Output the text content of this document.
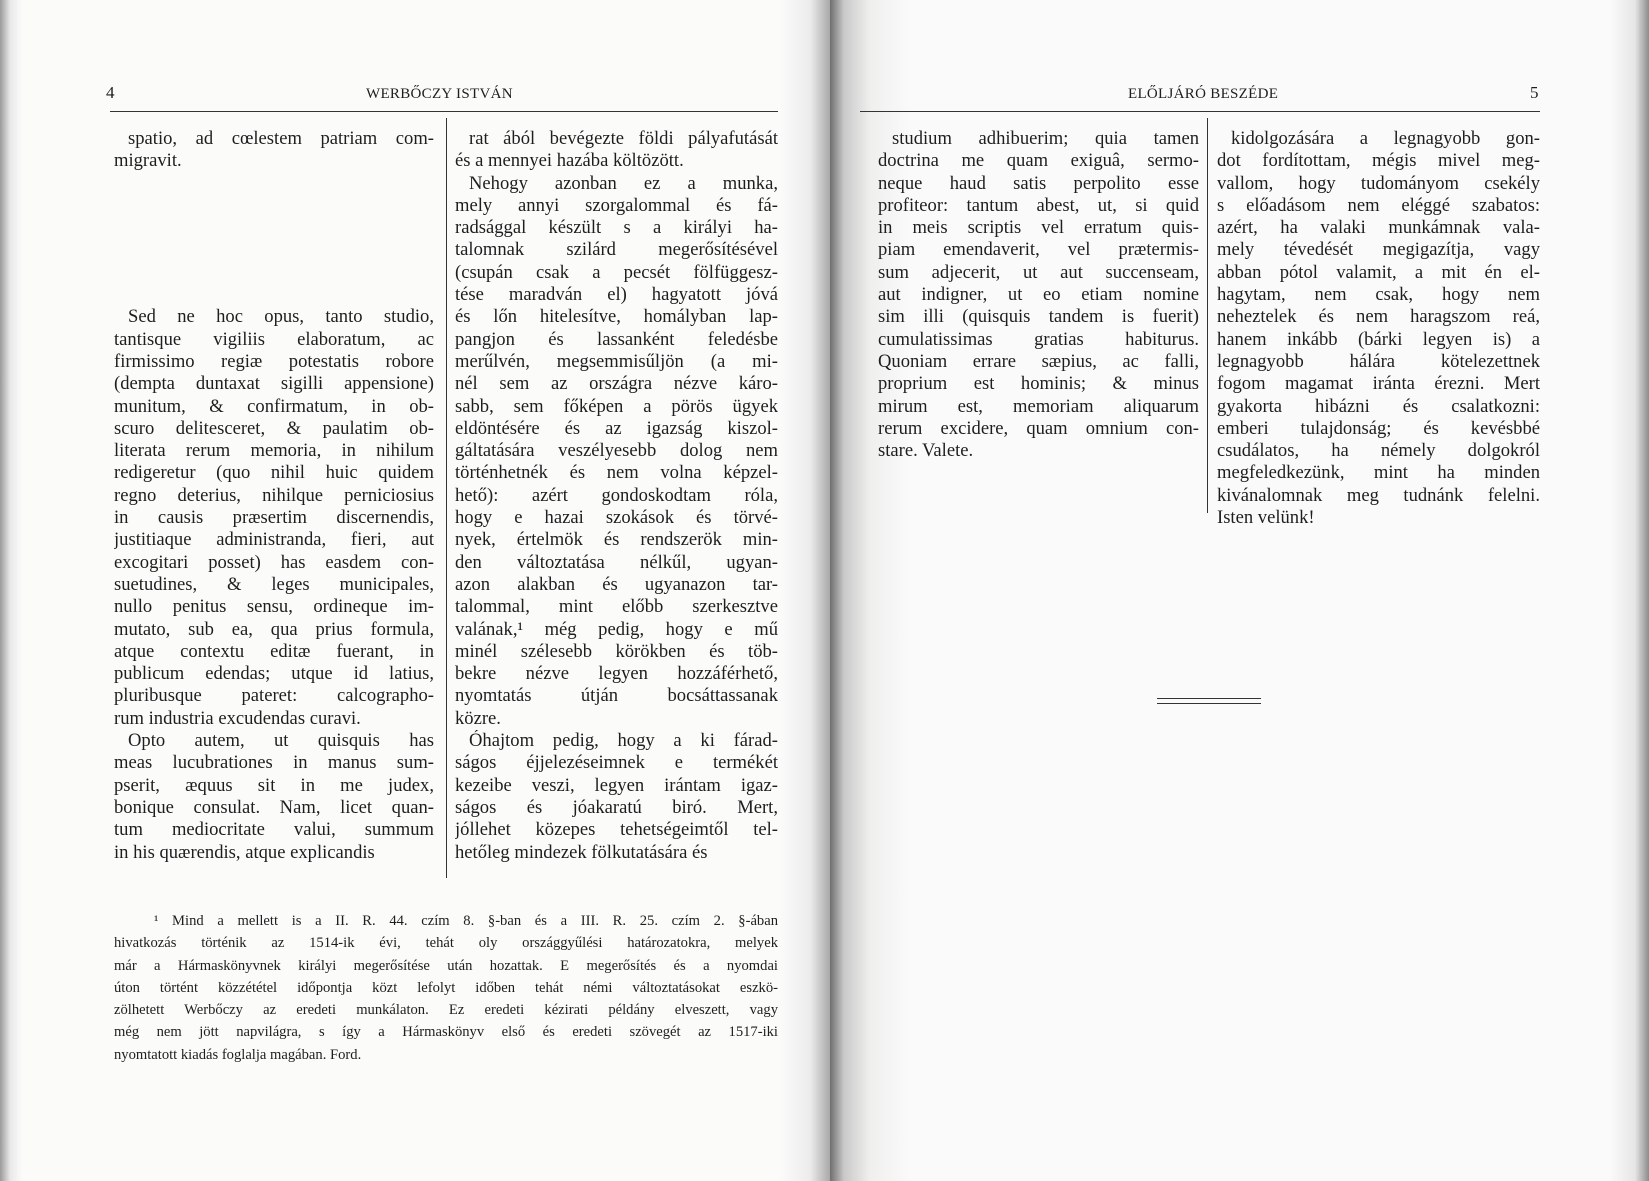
4	WERBŐCZY ISTVÁN
spatio, ad cœlestem patriam com-
migravit.
Sed ne hoc opus, tanto studio,
tantisque vigiliis elaboratum, ac
firmissimo regiæ potestatis robore
(dempta duntaxat sigilli appensione)
munitum, & confirmatum, in ob-
scuro delitesceret, & paulatim ob-
literata rerum memoria, in nihilum
redigeretur (quo nihil huic quidem
regno deterius, nihilque perniciosius
in causis præsertim discernendis,
justitiaque administranda, fieri, aut
excogitari posset) has easdem con-
suetudines, & leges municipales,
nullo penitus sensu, ordineque im-
mutato, sub ea, qua prius formula,
atque contextu editæ fuerant, in
publicum edendas; utque id latius,
pluribusque pateret: calcographo-
rum industria excudendas curavi.
Opto autem, ut quisquis has
meas lucubrationes in manus sum-
pserit, æquus sit in me judex,
bonique consulat. Nam, licet quan-
tum mediocritate valui, summum
in his quærendis, atque explicandis
rat ából bevégezte földi pályafutását
és a mennyei hazába költözött.
Nehogy azonban ez a munka,
mely annyi szorgalommal és fá-
radsággal készült s a királyi ha-
talomnak szilárd megerősítésével
(csupán csak a pecsét fölfüggesz-
tése maradván el) hagyatott jóvá
és lőn hitelesítve, homályban lap-
pangjon és lassanként feledésbe
merűlvén, megsemmisűljön (a mi-
nél sem az országra nézve káro-
sabb, sem főképen a pörös ügyek
eldöntésére és az igazság kiszol-
gáltatására veszélyesebb dolog nem
történhetnék és nem volna képzel-
hető): azért gondoskodtam róla,
hogy e hazai szokások és törvé-
nyek, értelmök és rendszerök min-
den változtatása nélkűl, ugyan-
azon alakban és ugyanazon tar-
talommal, mint előbb szerkesztve
valának,¹ még pedig, hogy e mű
minél szélesebb körökben és töb-
bekre nézve legyen hozzáférhető,
nyomtatás útján bocsáttassanak
közre.
Óhajtom pedig, hogy a ki fárad-
ságos éjjelezéseimnek e termékét
kezeibe veszi, legyen irántam igaz-
ságos és jóakaratú biró. Mert,
jóllehet közepes tehetségeimtől tel-
hetőleg mindezek fölkutatására és
¹ Mind a mellett is a II. R. 44. czím 8. §-ban és a III. R. 25. czím 2. §-ában
hivatkozás történik az 1514-ik évi, tehát oly országgyűlési határozatokra, melyek
már a Hármaskönyvnek királyi megerősítése után hozattak. E megerősítés és a nyomdai
úton történt közzététel időpontja közt lefolyt időben tehát némi változtatásokat eszkö-
zölhetett Werbőczy az eredeti munkálaton. Ez eredeti kézirati példány elveszett, vagy
még nem jött napvilágra, s így a Hármaskönyv első és eredeti szövegét az 1517-iki
nyomtatott kiadás foglalja magában. Ford.
ELŐLJÁRÓ BESZÉDE	5
studium adhibuerim; quia tamen
doctrina me quam exiguâ, sermo-
neque haud satis perpolito esse
profiteor: tantum abest, ut, si quid
in meis scriptis vel erratum quis-
piam emendaverit, vel prætermis-
sum adjecerit, ut aut succenseam,
aut indigner, ut eo etiam nomine
sim illi (quisquis tandem is fuerit)
cumulatissimas gratias habiturus.
Quoniam errare sæpius, ac falli,
proprium est hominis; & minus
mirum est, memoriam aliquarum
rerum excidere, quam omnium con-
stare. Valete.
kidolgozására a legnagyobb gon-
dot fordítottam, mégis mivel meg-
vallom, hogy tudományom csekély
s előadásom nem eléggé szabatos:
azért, ha valaki munkámnak vala-
mely tévedését megigazítja, vagy
abban pótol valamit, a mit én el-
hagytam, nem csak, hogy nem
neheztelek és nem haragszom reá,
hanem inkább (bárki legyen is) a
legnagyobb hálára kötelezettnek
fogom magamat iránta érezni. Mert
gyakorta hibázni és csalatkozni:
emberi tulajdonság; és kevésbbé
csudálatos, ha némely dolgokról
megfeledkezünk, mint ha minden
kivánalomnak meg tudnánk felelni.
Isten velünk!
